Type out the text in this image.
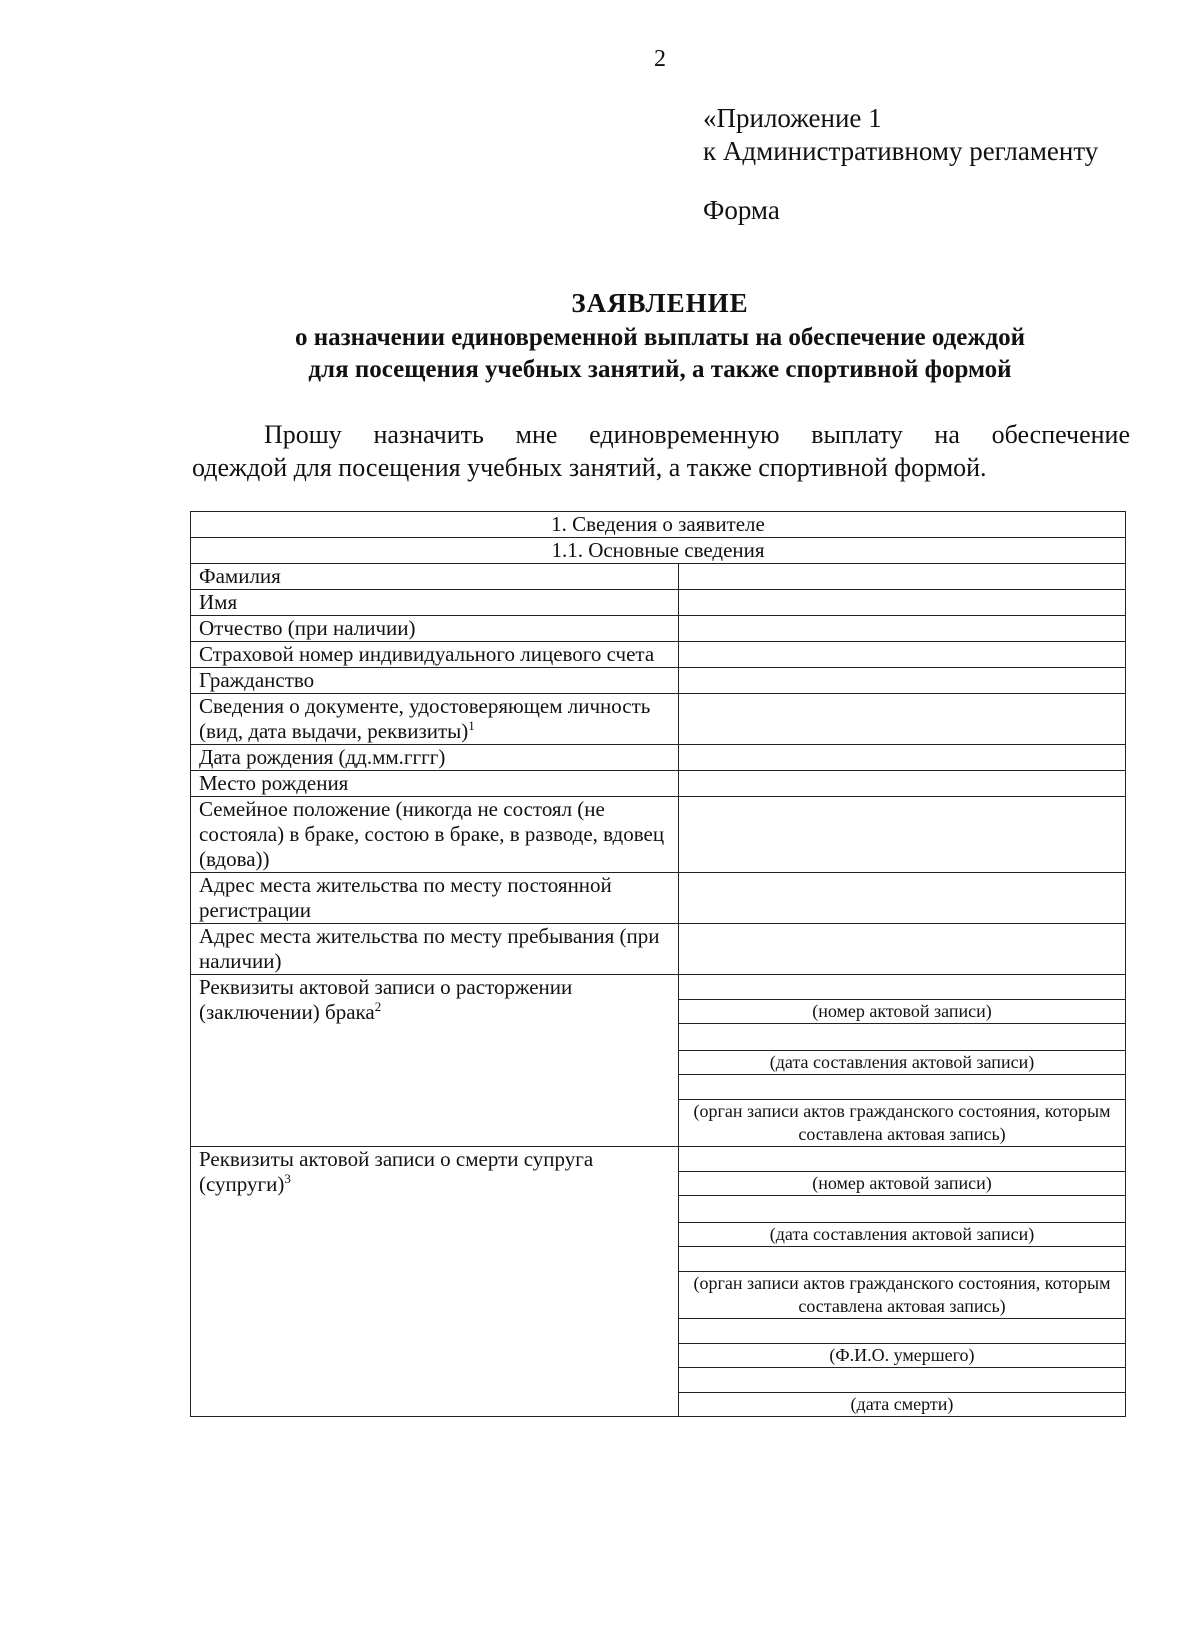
2
«Приложение 1
к Административному регламенту
Форма
ЗАЯВЛЕНИЕ
о назначении единовременной выплаты на обеспечение одеждой
для посещения учебных занятий, а также спортивной формой
Прошу назначить мне единовременную выплату на обеспечение
одеждой для посещения учебных занятий, а также спортивной формой.
1. Сведения о заявителе	
1.1. Основные сведения	
Фамилия	
Имя	
Отчество (при наличии)	
Страховой номер индивидуального лицевого счета	
Гражданство	
Сведения о документе, удостоверяющем личность (вид, дата выдачи, реквизиты)$^1$	
Дата рождения (дд.мм.гггг)	
Место рождения	
Семейное положение (никогда не состоял (не состояла) в браке, состою в браке, в разводе, вдовец (вдова))	
Адрес места жительства по месту постоянной регистрации	
Адрес места жительства по месту пребывания (при наличии)	
Реквизиты актовой записи о расторжении (заключении) брака$^2$	
	(номер актовой записи)

	(дата составления актовой записи)

	(орган записи актов гражданского состояния, которым составлена актовая запись)
Реквизиты актовой записи о смерти супруга (супруги)$^3$	
	(номер актовой записи)

	(дата составления актовой записи)

	(орган записи актов гражданского состояния, которым составлена актовая запись)

	(Ф.И.О. умершего)

	(дата смерти)
